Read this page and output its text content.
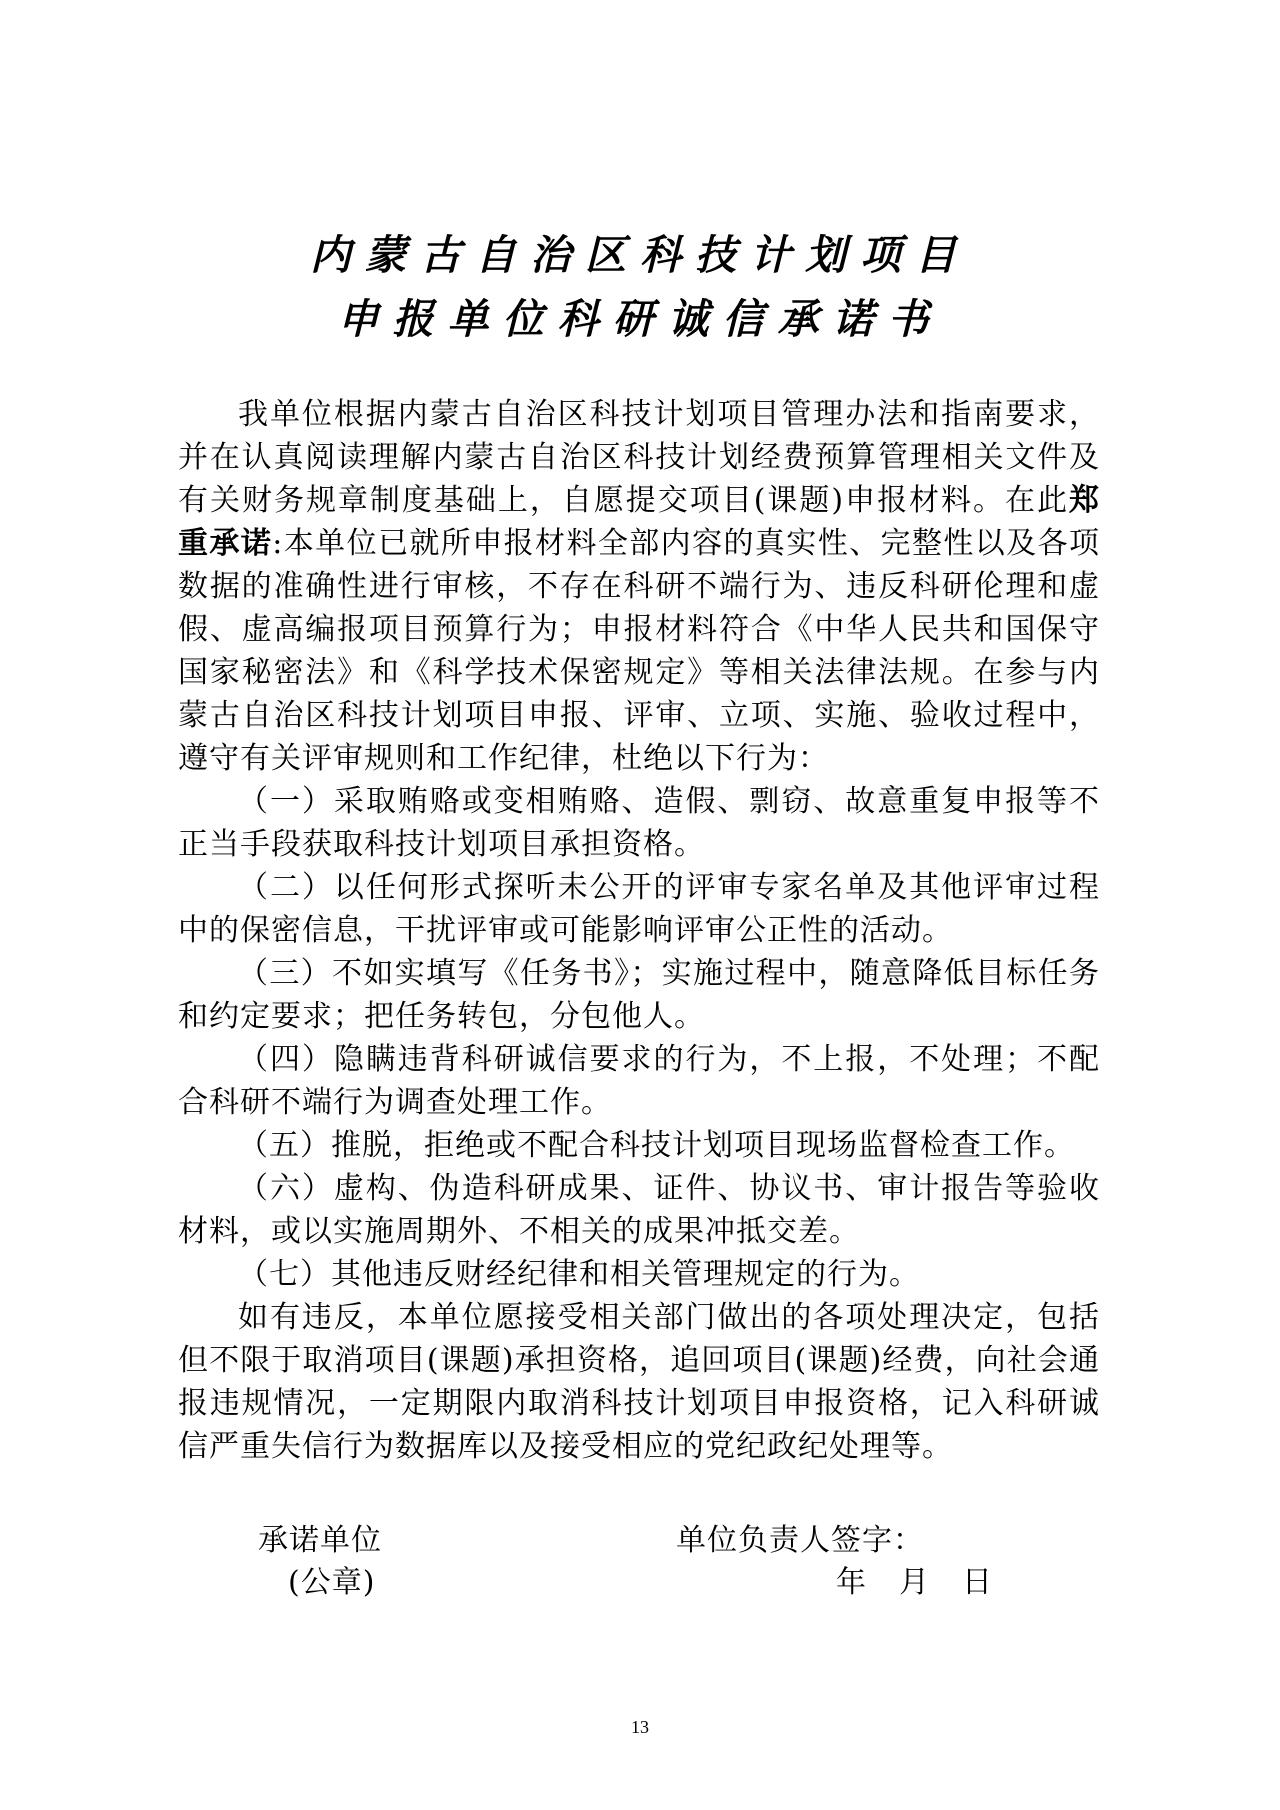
内蒙古自治区科技计划项目
申报单位科研诚信承诺书

我单位根据内蒙古自治区科技计划项目管理办法和指南要求，并在认真阅读理解内蒙古自治区科技计划经费预算管理相关文件及有关财务规章制度基础上，自愿提交项目(课题)申报材料。在此郑重承诺:本单位已就所申报材料全部内容的真实性、完整性以及各项数据的准确性进行审核，不存在科研不端行为、违反科研伦理和虚假、虚高编报项目预算行为；申报材料符合《中华人民共和国保守国家秘密法》和《科学技术保密规定》等相关法律法规。在参与内蒙古自治区科技计划项目申报、评审、立项、实施、验收过程中，遵守有关评审规则和工作纪律，杜绝以下行为：

（一）采取贿赂或变相贿赂、造假、剽窃、故意重复申报等不正当手段获取科技计划项目承担资格。

（二）以任何形式探听未公开的评审专家名单及其他评审过程中的保密信息，干扰评审或可能影响评审公正性的活动。

（三）不如实填写《任务书》；实施过程中，随意降低目标任务和约定要求；把任务转包，分包他人。

（四）隐瞒违背科研诚信要求的行为，不上报，不处理；不配合科研不端行为调查处理工作。

（五）推脱，拒绝或不配合科技计划项目现场监督检查工作。

（六）虚构、伪造科研成果、证件、协议书、审计报告等验收材料，或以实施周期外、不相关的成果冲抵交差。

（七）其他违反财经纪律和相关管理规定的行为。

如有违反，本单位愿接受相关部门做出的各项处理决定，包括但不限于取消项目(课题)承担资格，追回项目(课题)经费，向社会通报违规情况，一定期限内取消科技计划项目申报资格，记入科研诚信严重失信行为数据库以及接受相应的党纪政纪处理等。

承诺单位
(公章)
单位负责人签字：
年 月 日
13
